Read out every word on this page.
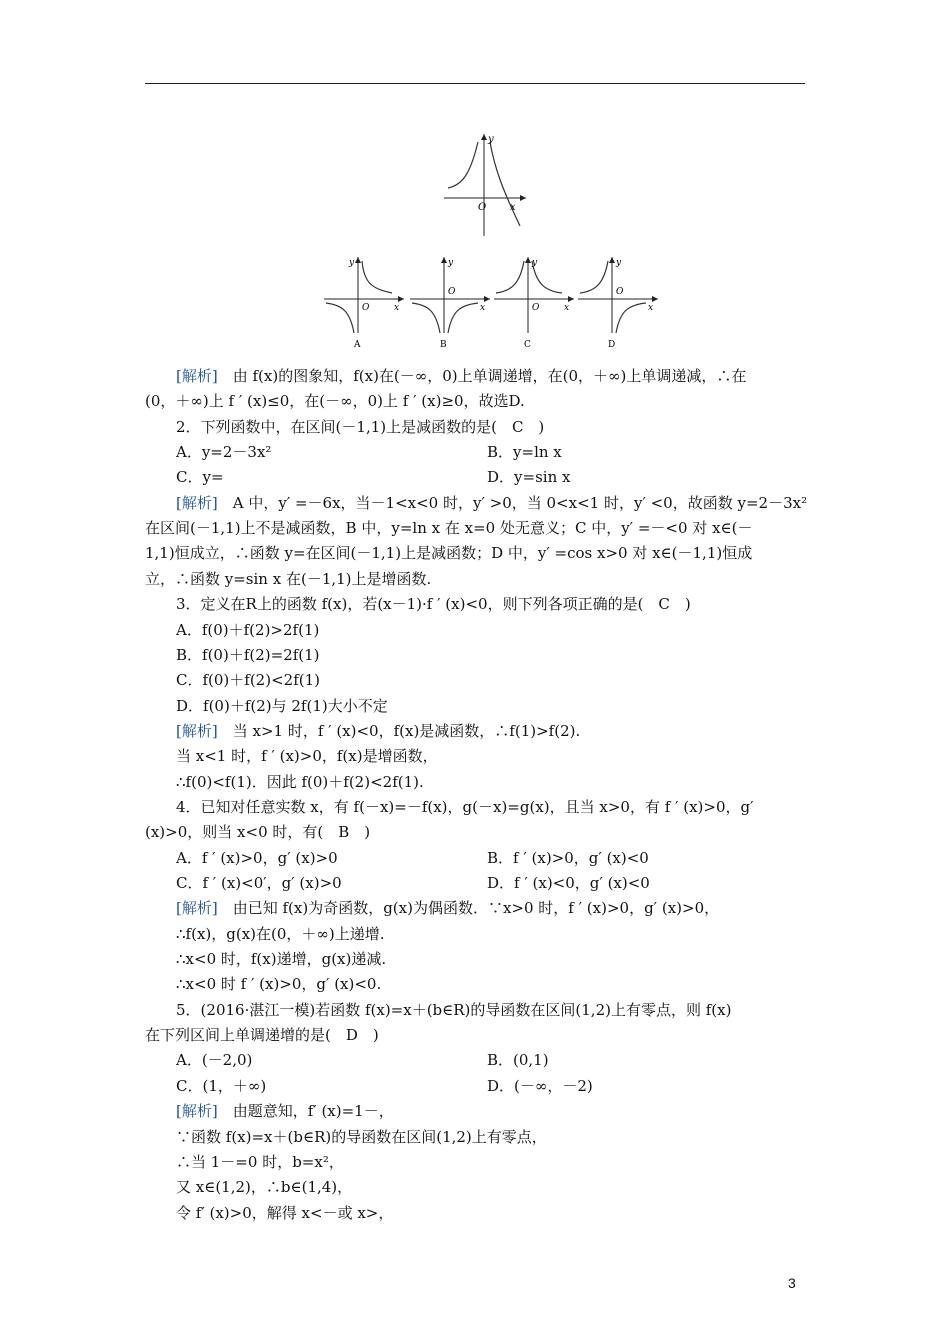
y
O x
y
O	x
A
y
O
x
B
y
O	x
C
y
O
x
D
[解析]　由 f(x)的图象知，f(x)在(－∞，0)上单调递增，在(0，＋∞)上单调递减，∴在
(0，＋∞)上 f ′ (x)≤0，在(－∞，0)上 f ′ (x)≥0，故选D.
2．下列函数中，在区间(－1,1)上是减函数的是(　C　)
A．y=2－3x²	B．y=ln x
C．y=	D．y=sin x
[解析]　A 中，y′ =－6x，当－1<x<0 时，y′ >0，当 0<x<1 时，y′ <0，故函数 y=2－3x²
在区间(－1,1)上不是减函数，B 中，y=ln x 在 x=0 处无意义；C 中，y′ =－<0 对 x∈(－
1,1)恒成立，∴函数 y=在区间(－1,1)上是减函数；D 中，y′ =cos x>0 对 x∈(－1,1)恒成
立，∴函数 y=sin x 在(－1,1)上是增函数.
3．定义在R上的函数 f(x)，若(x－1)·f ′ (x)<0，则下列各项正确的是(　C　)
A．f(0)＋f(2)>2f(1)
B．f(0)＋f(2)=2f(1)
C．f(0)＋f(2)<2f(1)
D．f(0)＋f(2)与 2f(1)大小不定
[解析]　当 x>1 时，f ′ (x)<0，f(x)是减函数，∴f(1)>f(2).
当 x<1 时，f ′ (x)>0，f(x)是增函数，
∴f(0)<f(1)．因此 f(0)＋f(2)<2f(1).
4．已知对任意实数 x，有 f(－x)=－f(x)，g(－x)=g(x)，且当 x>0，有 f ′ (x)>0，g′
(x)>0，则当 x<0 时，有(　B　)
A．f ′ (x)>0，g′ (x)>0	B．f ′ (x)>0，g′ (x)<0
C．f ′ (x)<0′，g′ (x)>0	D．f ′ (x)<0，g′ (x)<0
[解析]　由已知 f(x)为奇函数，g(x)为偶函数．∵x>0 时，f ′ (x)>0，g′ (x)>0，
∴f(x)，g(x)在(0，＋∞)上递增.
∴x<0 时，f(x)递增，g(x)递减.
∴x<0 时 f ′ (x)>0，g′ (x)<0.
5．(2016·湛江一模)若函数 f(x)=x＋(b∈R)的导函数在区间(1,2)上有零点，则 f(x)
在下列区间上单调递增的是(　D　)
A．(－2,0)	B．(0,1)
C．(1，＋∞)	D．(－∞，－2)
[解析]　由题意知，f′ (x)=1－，
∵函数 f(x)=x＋(b∈R)的导函数在区间(1,2)上有零点，
∴当 1－=0 时，b=x²，
又 x∈(1,2)，∴b∈(1,4)，
令 f′ (x)>0，解得 x<－或 x>，
3
